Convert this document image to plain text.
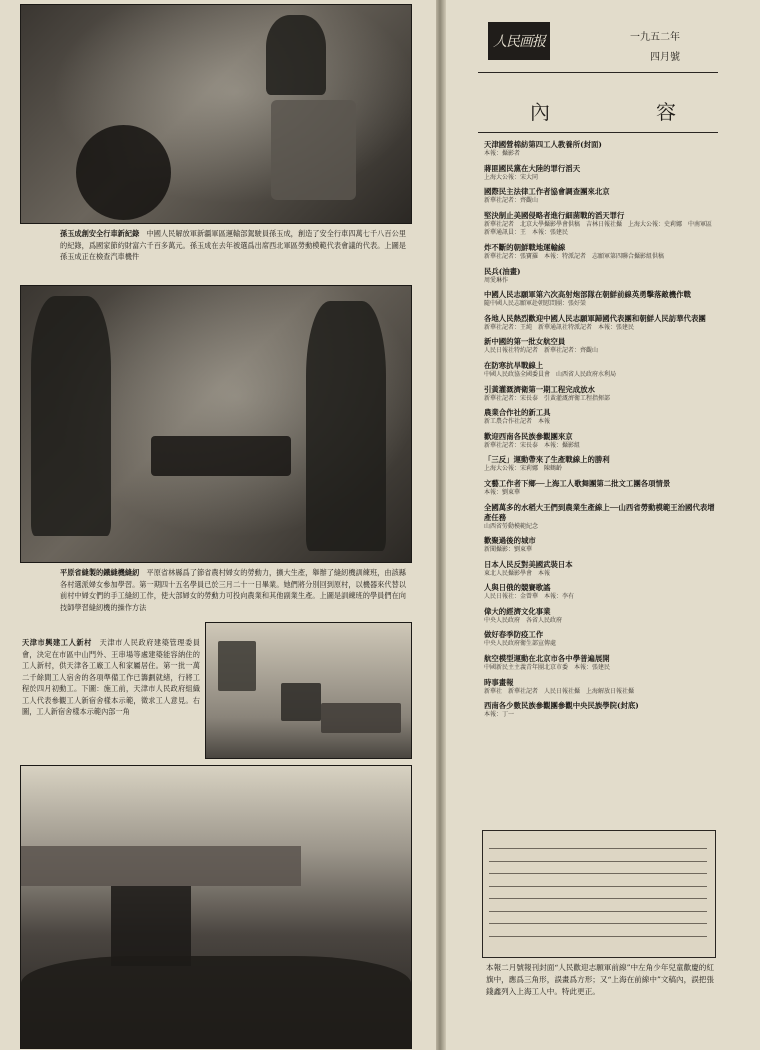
孫玉成創安全行車新紀錄　 中國人民解放軍新疆軍區運輸部駕駛員孫玉成，創造了安全行車四萬七千八百公里的紀錄，爲國家節約財富六千百多萬元。孫玉成在去年被選爲出席西北軍區勞動模範代表會議的代表。上圖是孫玉成正在檢查汽車機件
平原省縫製的鐵縫機縫紉　 平原省林縣爲了節省農村婦女的勞動力，擴大生產，舉辦了縫紉機訓練班，由該縣各村選派婦女參加學習。第一期四十五名學員已於三月二十一日畢業。她們將分別回到原村，以機器來代替以前村中婦女們的手工縫紉工作，使大部婦女的勞動力可投向農業和其他副業生產。上圖是訓練班的學員們在向技師學習縫紉機的操作方法
天津市興建工人新村　 天津市人民政府建築管理委員會，決定在市區中山門外、王串場等處建築能容納住的工人新村，供天津各工廠工人和家屬居住。第一批一萬二千餘間工人宿舍的各項準備工作已籌劃就緒，行將工程於四月初動工。下圖：施工前，天津市人民政府組織工人代表參觀工人新宿舍樣本示範，徵求工人意見。右圖，工人新宿舍樣本示範內部一角
人民画报	一九五二年
四月號
內　　容
天津國營棉紡第四工人教養所(封面)
本報：攝影者
蔣匪國民黨在大陸的罪行滔天
上海大公報：宋大同
國際民主法律工作者協會調查團來北京
新華社記者：齊觀山
堅決制止美國侵略者進行細菌戰的滔天罪行
新華社記者　北京大學攝影學會供稿　吉林日報社攝　上海大公報：史莉娜　中南軍區新華通訊員：王　本報：張建民
炸不斷的朝鮮戰地運輸線
新華社記者：張寶羅　本報：特派記者　志願軍第四聯合攝影組供稿
民兵(油畫)
周愛琳作
中國人民志願軍第六次高射炮部隊在朝鮮前線英勇擊落敵機作戰
隨中國人民志願軍赴朝慰問團：張好榮
各地人民熱烈歡迎中國人民志願軍歸國代表團和朝鮮人民訪華代表團
新華社記者：王純　新華通訊社特派記者　本報：張建民
新中國的第一批女航空員
人民日報社特約記者　新華社記者：齊觀山
在防寒抗旱戰線上
中國人民政協全國委員會　山西省人民政府水利局
引黃灌溉濟衛第一期工程完成放水
新華社記者：宋長泰　引黃灌溉濟衛工程指揮部
農業合作社的新工具
新工農合作社記者　本報
歡迎西南各民族參觀團來京
新華社記者：宋長泰　本報：攝影組
「三反」運動帶來了生產戰線上的勝利
上海大公報：宋莉娜　陳鶴齡
文藝工作者下鄉──上海工人歌舞團第二批文工團各項情景
本報：劉東華
全國萬多的水稻大王們到農業生產線上──山西省勞動模範王治國代表增產任務
山西省勞動模範紀念
歡聚過後的城市
新聞攝影：劉東華
日本人民反對美國武裝日本
東北人民攝影學會　本報
人與日俄的競賽歌謠
人民日報社：金曾華　本報：李有
偉大的經濟文化事業
中央人民政府　各省人民政府
做好春季防疫工作
中央人民政府衛生部宣傳處
航空模型運動在北京市各中學普遍展開
中國新民主主義青年團北京市委　本報：張建民
時事畫報
新華社　新華社記者　人民日報社攝　上海解放日報社攝
西南各少數民族參觀團參觀中央民族學院(封底)
本報：丁一
本報二月號報刊封面“人民歡迎志願軍前線”中左角少年兒童歡慶的紅旗中，應爲三角形，誤畫爲方形；又“上海在前線中”文稿內，誤把張錢鑫列入上海工人中。特此更正。
